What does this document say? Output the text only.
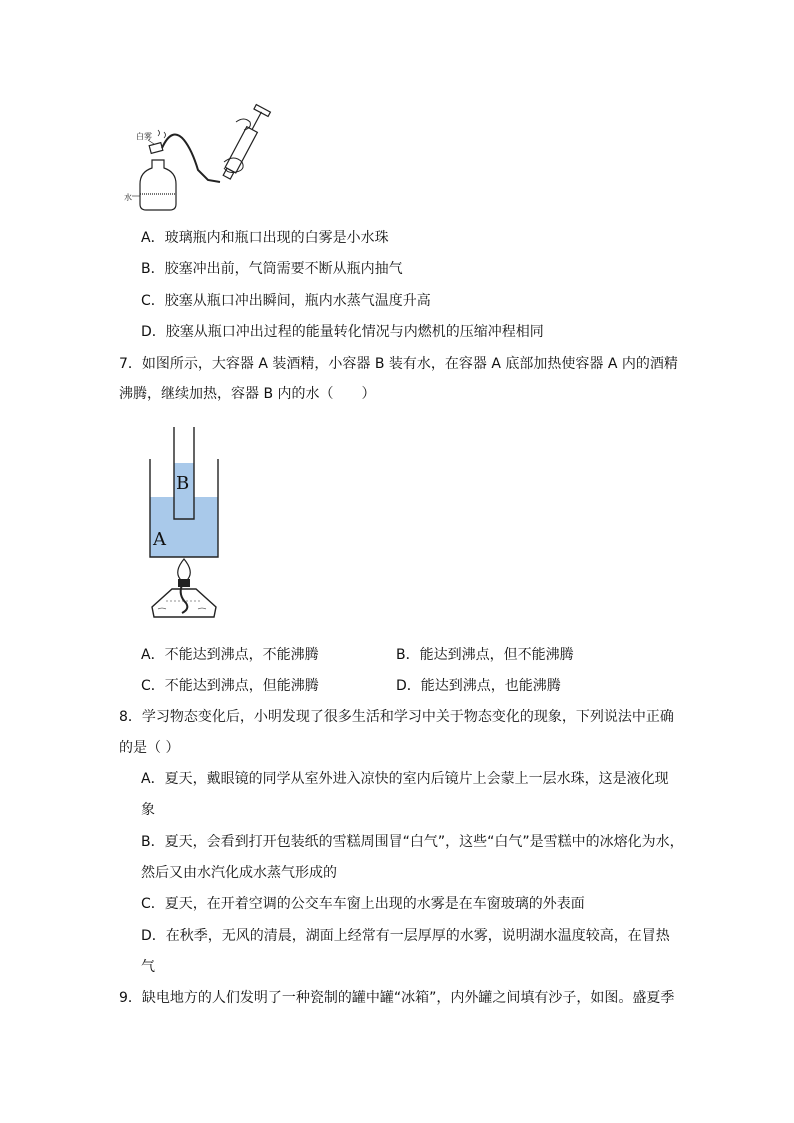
白雾
水
A．玻璃瓶内和瓶口出现的白雾是小水珠
B．胶塞冲出前，气筒需要不断从瓶内抽气
C．胶塞从瓶口冲出瞬间，瓶内水蒸气温度升高
D．胶塞从瓶口冲出过程的能量转化情况与内燃机的压缩冲程相同
7．如图所示，大容器 A 装酒精，小容器 B 装有水，在容器 A 底部加热使容器 A 内的酒精
沸腾，继续加热，容器 B 内的水（　　）
B
A
A．不能达到沸点，不能沸腾	B．能达到沸点，但不能沸腾
C．不能达到沸点，但能沸腾	D．能达到沸点，也能沸腾
8．学习物态变化后，小明发现了很多生活和学习中关于物态变化的现象，下列说法中正确
的是（ ）
A．夏天，戴眼镜的同学从室外进入凉快的室内后镜片上会蒙上一层水珠，这是液化现
象
B．夏天，会看到打开包装纸的雪糕周围冒“白气”，这些“白气”是雪糕中的冰熔化为水，
然后又由水汽化成水蒸气形成的
C．夏天，在开着空调的公交车车窗上出现的水雾是在车窗玻璃的外表面
D．在秋季，无风的清晨，湖面上经常有一层厚厚的水雾，说明湖水温度较高，在冒热
气
9．缺电地方的人们发明了一种瓷制的罐中罐“冰箱”，内外罐之间填有沙子，如图。盛夏季
